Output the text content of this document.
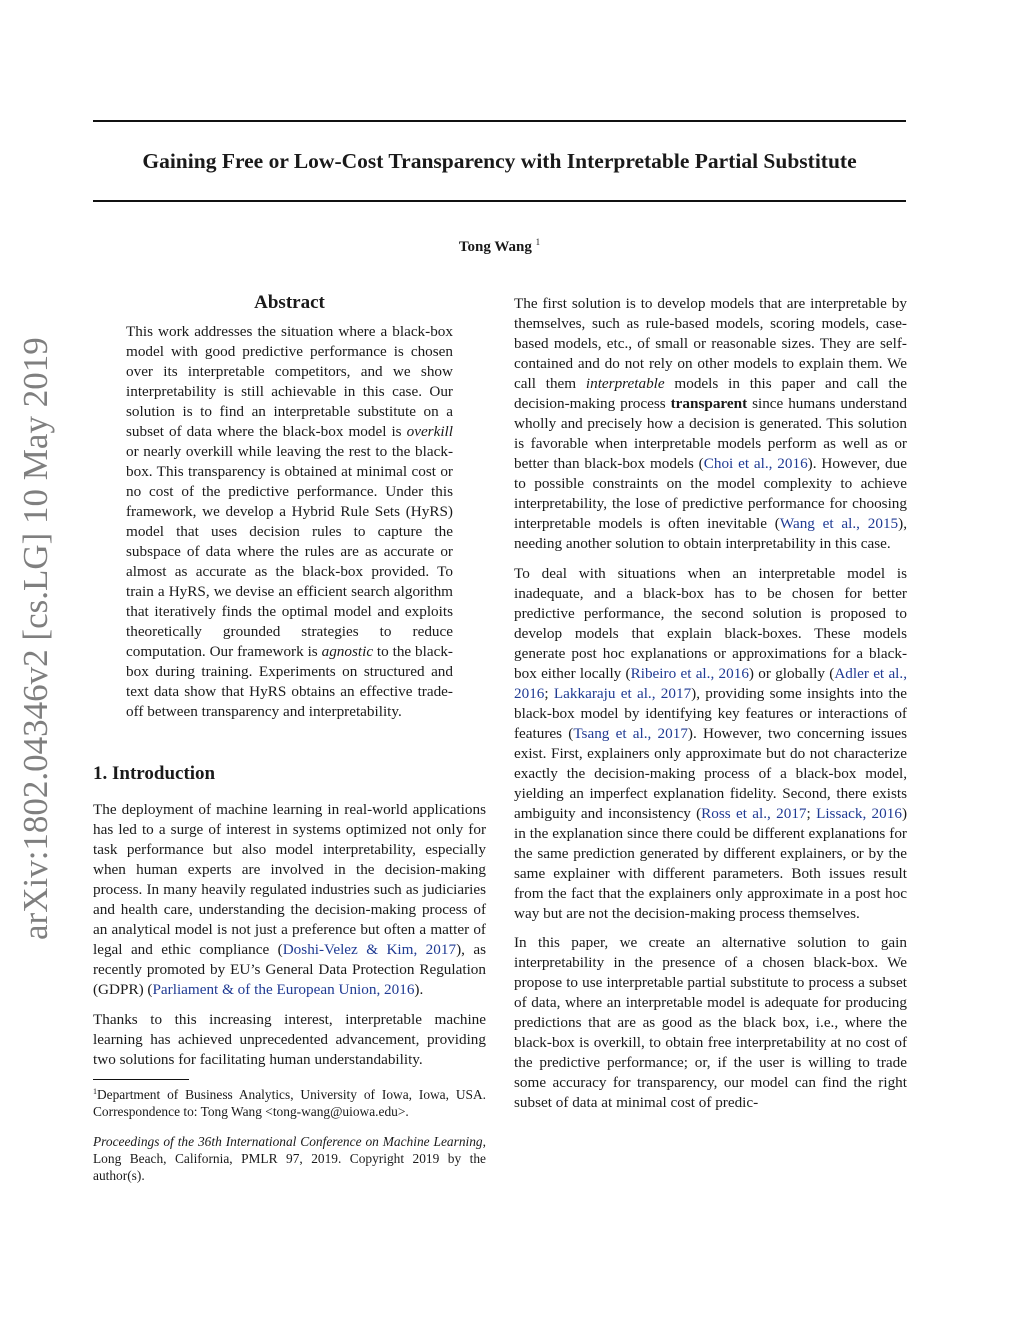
Gaining Free or Low-Cost Transparency with Interpretable Partial Substitute
Tong Wang $^1$
arXiv:1802.04346v2 [cs.LG] 10 May 2019
Abstract

This work addresses the situation where a black-box model with good predictive performance is chosen over its interpretable competitors, and we show interpretability is still achievable in this case. Our solution is to find an interpretable substitute on a subset of data where the black-box model is overkill or nearly overkill while leaving the rest to the black-box. This transparency is obtained at minimal cost or no cost of the predictive performance. Under this framework, we develop a Hybrid Rule Sets (HyRS) model that uses decision rules to capture the subspace of data where the rules are as accurate or almost as accurate as the black-box provided. To train a HyRS, we devise an efficient search algorithm that iteratively finds the optimal model and exploits theoretically grounded strategies to reduce computation. Our framework is agnostic to the black-box during training. Experiments on structured and text data show that HyRS obtains an effective trade-off between transparency and interpretability.

1. Introduction

The deployment of machine learning in real-world applications has led to a surge of interest in systems optimized not only for task performance but also model interpretability, especially when human experts are involved in the decision-making process. In many heavily regulated industries such as judiciaries and health care, understanding the decision-making process of an analytical model is not just a preference but often a matter of legal and ethic compliance (Doshi-Velez & Kim, 2017), as recently promoted by EU’s General Data Protection Regulation (GDPR) (Parliament & of the European Union, 2016).

Thanks to this increasing interest, interpretable machine learning has achieved unprecedented advancement, providing two solutions for facilitating human understandability.

$^1$Department of Business Analytics, University of Iowa, Iowa, USA. Correspondence to: Tong Wang <tong-wang@uiowa.edu>.

Proceedings of the 36th International Conference on Machine Learning, Long Beach, California, PMLR 97, 2019. Copyright 2019 by the author(s).

The first solution is to develop models that are interpretable by themselves, such as rule-based models, scoring models, case-based models, etc., of small or reasonable sizes. They are self-contained and do not rely on other models to explain them. We call them interpretable models in this paper and call the decision-making process transparent since humans understand wholly and precisely how a decision is generated. This solution is favorable when interpretable models perform as well as or better than black-box models (Choi et al., 2016). However, due to possible constraints on the model complexity to achieve interpretability, the lose of predictive performance for choosing interpretable models is often inevitable (Wang et al., 2015), needing another solution to obtain interpretability in this case.

To deal with situations when an interpretable model is inadequate, and a black-box has to be chosen for better predictive performance, the second solution is proposed to develop models that explain black-boxes. These models generate post hoc explanations or approximations for a black-box either locally (Ribeiro et al., 2016) or globally (Adler et al., 2016; Lakkaraju et al., 2017), providing some insights into the black-box model by identifying key features or interactions of features (Tsang et al., 2017). However, two concerning issues exist. First, explainers only approximate but do not characterize exactly the decision-making process of a black-box model, yielding an imperfect explanation fidelity. Second, there exists ambiguity and inconsistency (Ross et al., 2017; Lissack, 2016) in the explanation since there could be different explanations for the same prediction generated by different explainers, or by the same explainer with different parameters. Both issues result from the fact that the explainers only approximate in a post hoc way but are not the decision-making process themselves.

In this paper, we create an alternative solution to gain interpretability in the presence of a chosen black-box. We propose to use interpretable partial substitute to process a subset of data, where an interpretable model is adequate for producing predictions that are as good as the black box, i.e., where the black-box is overkill, to obtain free interpretability at no cost of the predictive performance; or, if the user is willing to trade some accuracy for transparency, our model can find the right subset of data at minimal cost of predic-
